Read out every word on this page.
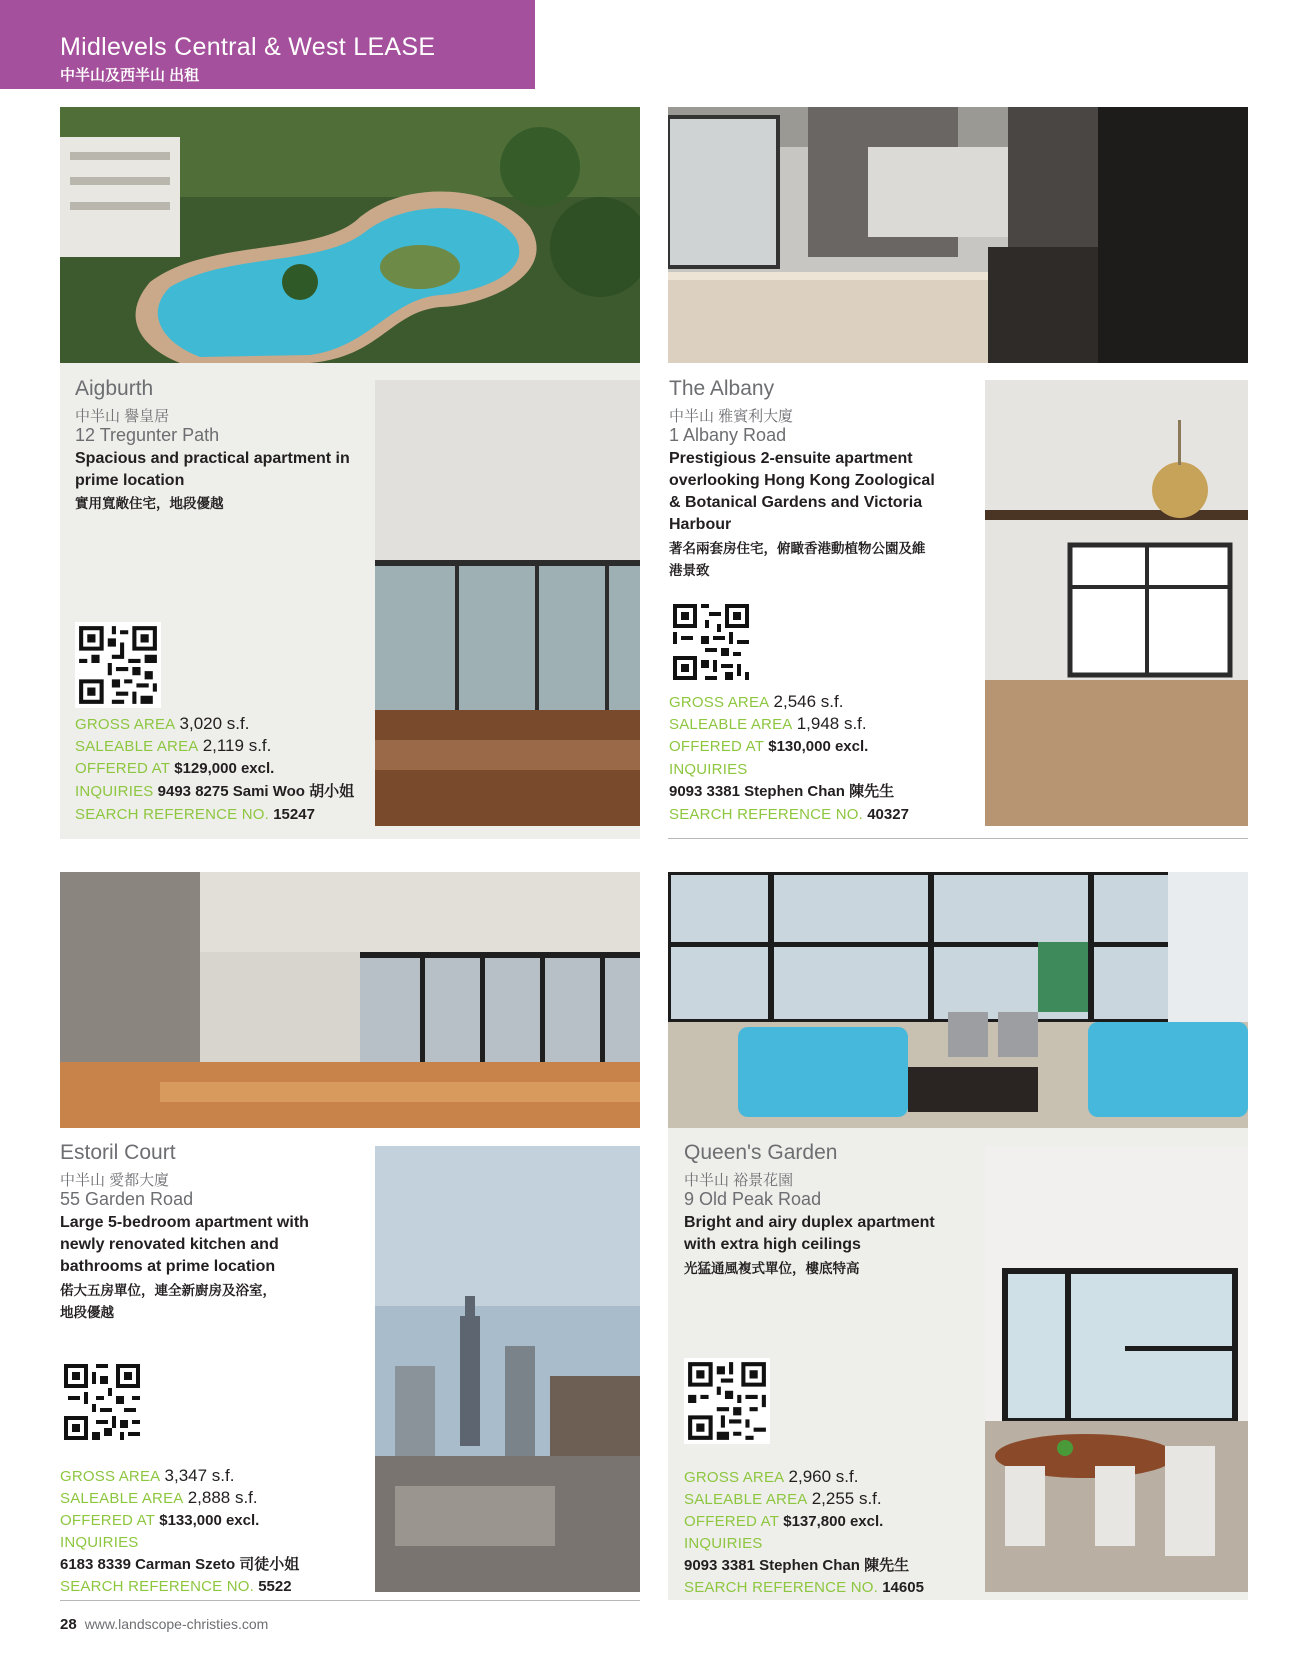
Midlevels Central & West LEASE
中半山及西半山 出租
Aigburth
中半山 譽皇居
12 Tregunter Path
Spacious and practical apartment in
prime location
實用寬敞住宅，地段優越
GROSS AREA 3,020 s.f.
SALEABLE AREA 2,119 s.f.
OFFERED AT $129,000 excl.
INQUIRIES 9493 8275 Sami Woo 胡小姐
SEARCH REFERENCE NO. 15247
The Albany
中半山 雅賓利大廈
1 Albany Road
Prestigious 2-ensuite apartment
overlooking Hong Kong Zoological
& Botanical Gardens and Victoria
Harbour
著名兩套房住宅，俯瞰香港動植物公園及維
港景致
GROSS AREA 2,546 s.f.
SALEABLE AREA 1,948 s.f.
OFFERED AT $130,000 excl.
INQUIRIES
9093 3381 Stephen Chan 陳先生
SEARCH REFERENCE NO. 40327
Estoril Court
中半山 愛都大廈
55 Garden Road
Large 5-bedroom apartment with
newly renovated kitchen and
bathrooms at prime location
偌大五房單位，連全新廚房及浴室，
地段優越
GROSS AREA 3,347 s.f.
SALEABLE AREA 2,888 s.f.
OFFERED AT $133,000 excl.
INQUIRIES
6183 8339 Carman Szeto 司徒小姐
SEARCH REFERENCE NO. 5522
Queen's Garden
中半山 裕景花園
9 Old Peak Road
Bright and airy duplex apartment
with extra high ceilings
光猛通風複式單位，樓底特高
GROSS AREA 2,960 s.f.
SALEABLE AREA 2,255 s.f.
OFFERED AT $137,800 excl.
INQUIRIES
9093 3381 Stephen Chan 陳先生
SEARCH REFERENCE NO. 14605
28 www.landscope-christies.com
